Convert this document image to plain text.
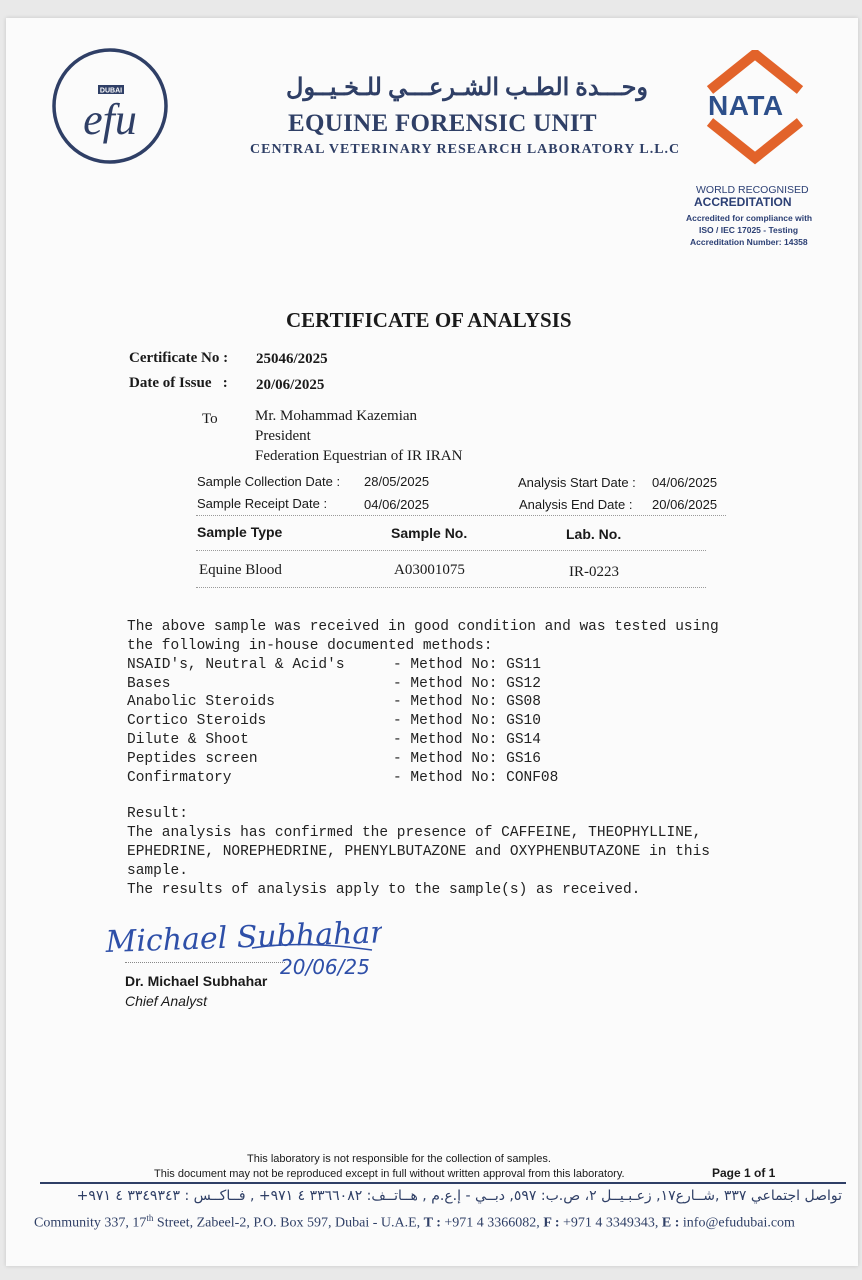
DUBAI
efu
وحـــدة الطـب الشـرعـــي للـخـيــول
EQUINE FORENSIC UNIT
CENTRAL VETERINARY RESEARCH LABORATORY L.L.C
NATA
WORLD RECOGNISED
ACCREDITATION
Accredited for compliance with
ISO / IEC 17025 - Testing
Accreditation Number: 14358
CERTIFICATE OF ANALYSIS
Certificate No : 25046/2025
Date of Issue   : 20/06/2025
To Mr. Mohammad Kazemian
President
Federation Equestrian of IR IRAN
Sample Collection Date : 28/05/2025
Sample Receipt Date :	04/06/2025
Analysis Start Date : 04/06/2025
Analysis End Date : 20/06/2025
Sample Type	Sample No.	Lab. No.
Equine Blood	A03001075	IR-0223
The above sample was received in good condition and was tested using
the following in-house documented methods:
NSAID's, Neutral & Acid's	- Method No: GS11
Bases	- Method No: GS12
Anabolic Steroids	- Method No: GS08
Cortico Steroids	- Method No: GS10
Dilute & Shoot	- Method No: GS14
Peptides screen	- Method No: GS16
Confirmatory	- Method No: CONF08
Result:
The analysis has confirmed the presence of CAFFEINE, THEOPHYLLINE,
EPHEDRINE, NOREPHEDRINE, PHENYLBUTAZONE and OXYPHENBUTAZONE in this
sample.
The results of analysis apply to the sample(s) as received.
Michael Subhahar
20/06/25
Dr. Michael Subhahar
Chief Analyst
This laboratory is not responsible for the collection of samples.
This document may not be reproduced except in full without written approval from this laboratory.	Page 1 of 1
تواصل اجتماعي ٣٣٧ ,شــارع١٧, زعـبـيــل ٢، ص.ب: ٥٩٧, دبــي - إ.ع.م , هــاتــف: ٣٣٦٦٠٨٢ ٤ ٩٧١+ , فــاكــس : ٣٣٤٩٣٤٣ ٤ ٩٧١+
Community 337, 17th Street, Zabeel-2, P.O. Box 597, Dubai - U.A.E, T : +971 4 3366082, F : +971 4 3349343, E : info@efudubai.com
